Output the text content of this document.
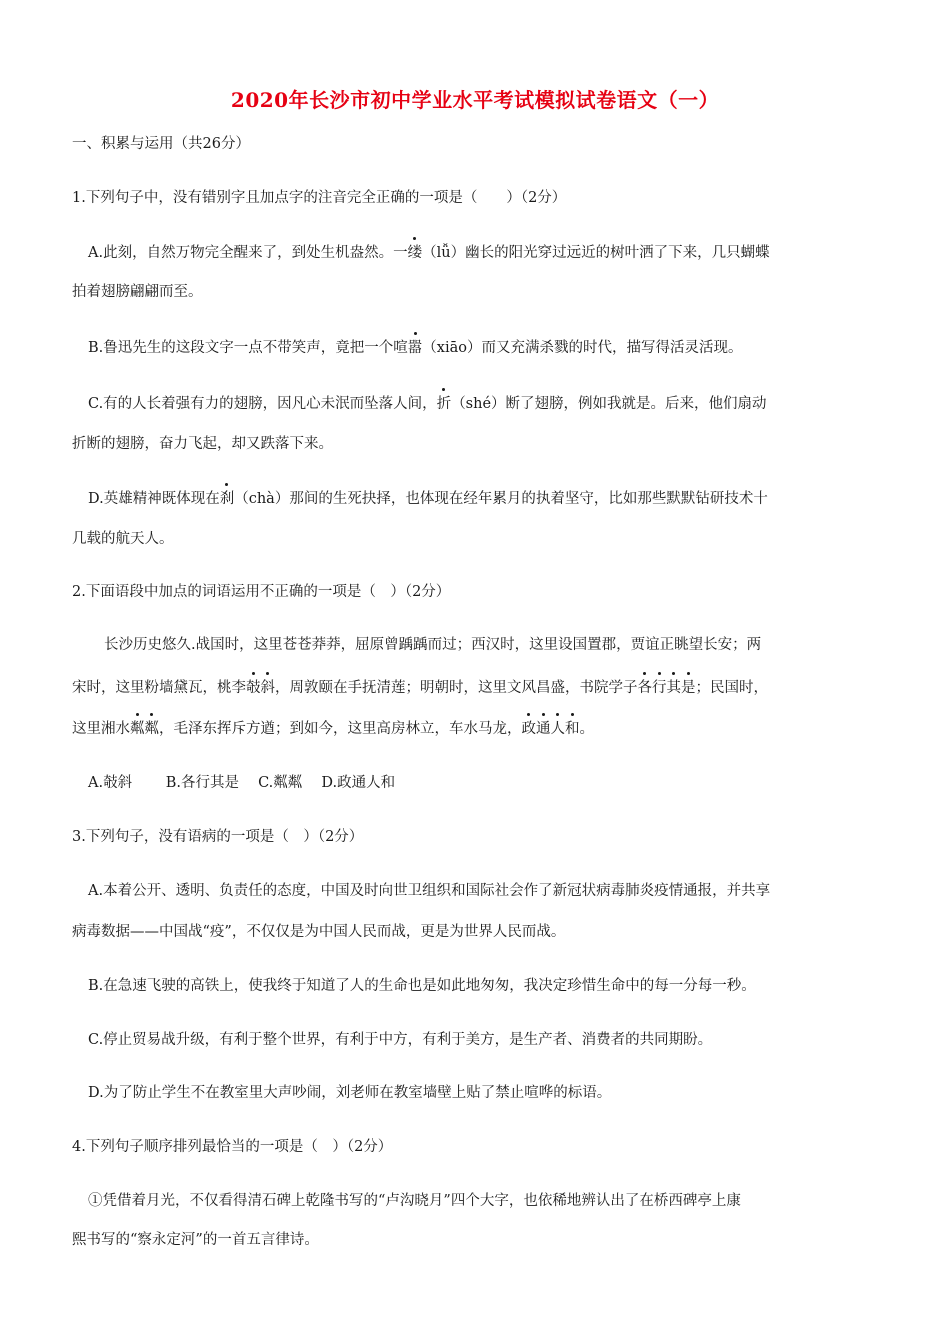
2020年长沙市初中学业水平考试模拟试卷语文（一）
一、积累与运用（共26分）
1.下列句子中，没有错别字且加点字的注音完全正确的一项是（　　）（2分）
A.此刻，自然万物完全醒来了，到处生机盎然。一缕（lǚ）幽长的阳光穿过远近的树叶洒了下来，几只蝴蝶
拍着翅膀翩翩而至。
B.鲁迅先生的这段文字一点不带笑声，竟把一个喧嚣（xiāo）而又充满杀戮的时代，描写得活灵活现。
C.有的人长着强有力的翅膀，因凡心未泯而坠落人间，折（shé）断了翅膀，例如我就是。后来，他们扇动
折断的翅膀，奋力飞起，却又跌落下来。
D.英雄精神既体现在刹（chà）那间的生死抉择，也体现在经年累月的执着坚守，比如那些默默钻研技术十
几载的航天人。
2.下面语段中加点的词语运用不正确的一项是（　）（2分）
长沙历史悠久.战国时，这里苍苍莽莽，屈原曾踽踽而过；西汉时，这里设国置郡，贾谊正眺望长安；两
宋时，这里粉墙黛瓦，桃李攲斜，周敦颐在手抚清莲；明朝时，这里文风昌盛，书院学子各行其是；民国时，
这里湘水粼粼，毛泽东挥斥方遒；到如今，这里高房林立，车水马龙，政通人和。
A.攲斜　　 B.各行其是　 C.粼粼　 D.政通人和
3.下列句子，没有语病的一项是（　）（2分）
A.本着公开、透明、负责任的态度，中国及时向世卫组织和国际社会作了新冠状病毒肺炎疫情通报，并共享
病毒数据——中国战“疫”，不仅仅是为中国人民而战，更是为世界人民而战。
B.在急速飞驶的高铁上，使我终于知道了人的生命也是如此地匆匆，我决定珍惜生命中的每一分每一秒。
C.停止贸易战升级，有利于整个世界，有利于中方，有利于美方，是生产者、消费者的共同期盼。
D.为了防止学生不在教室里大声吵闹，刘老师在教室墙壁上贴了禁止喧哗的标语。
4.下列句子顺序排列最恰当的一项是（　）（2分）
①凭借着月光，不仅看得清石碑上乾隆书写的“卢沟晓月”四个大字，也依稀地辨认出了在桥西碑亭上康
熙书写的“察永定河”的一首五言律诗。
